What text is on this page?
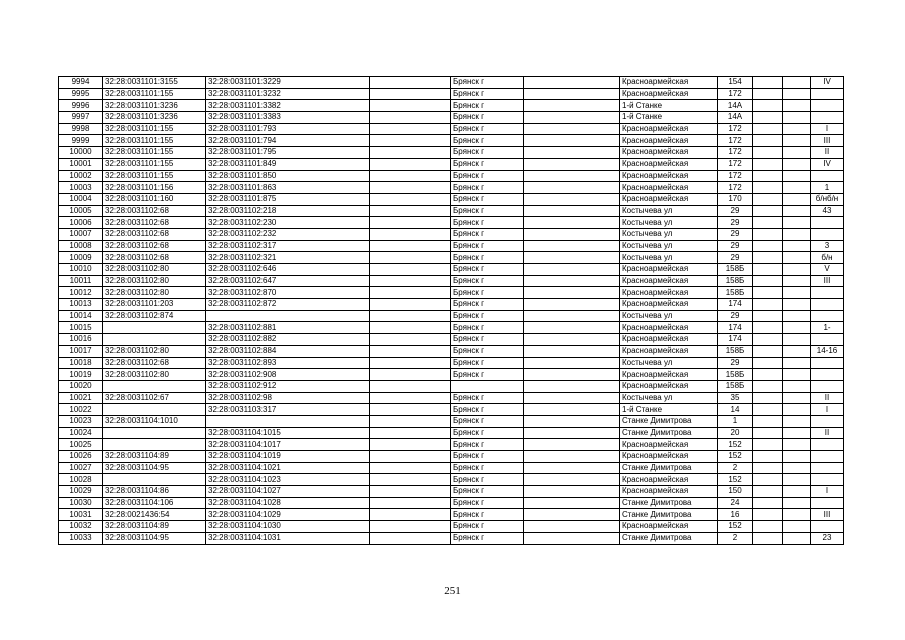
9994	32:28:0031101:3155	32:28:0031101:3229		Брянск г		Красноармейская	154			IV
9995	32:28:0031101:155	32:28:0031101:3232		Брянск г		Красноармейская	172			
9996	32:28:0031101:3236	32:28:0031101:3382		Брянск г		1-й Станке	14А			
9997	32:28:0031101:3236	32:28:0031101:3383		Брянск г		1-й Станке	14А			
9998	32:28:0031101:155	32:28:0031101:793		Брянск г		Красноармейская	172			I
9999	32:28:0031101:155	32:28:0031101:794		Брянск г		Красноармейская	172			III
10000	32:28:0031101:155	32:28:0031101:795		Брянск г		Красноармейская	172			II
10001	32:28:0031101:155	32:28:0031101:849		Брянск г		Красноармейская	172			IV
10002	32:28:0031101:155	32:28:0031101:850		Брянск г		Красноармейская	172			
10003	32:28:0031101:156	32:28:0031101:863		Брянск г		Красноармейская	172			1
10004	32:28:0031101:160	32:28:0031101:875		Брянск г		Красноармейская	170			б/нб/н
10005	32:28:0031102:68	32:28:0031102:218		Брянск г		Костычева ул	29			43
10006	32:28:0031102:68	32:28:0031102:230		Брянск г		Костычева ул	29			
10007	32:28:0031102:68	32:28:0031102:232		Брянск г		Костычева ул	29			
10008	32:28:0031102:68	32:28:0031102:317		Брянск г		Костычева ул	29			3
10009	32:28:0031102:68	32:28:0031102:321		Брянск г		Костычева ул	29			б/н
10010	32:28:0031102:80	32:28:0031102:646		Брянск г		Красноармейская	158Б			V
10011	32:28:0031102:80	32:28:0031102:647		Брянск г		Красноармейская	158Б			III
10012	32:28:0031102:80	32:28:0031102:870		Брянск г		Красноармейская	158Б			
10013	32:28:0031101:203	32:28:0031102:872		Брянск г		Красноармейская	174			
10014	32:28:0031102:874			Брянск г		Костычева ул	29			
10015		32:28:0031102:881		Брянск г		Красноармейская	174			1-
10016		32:28:0031102:882		Брянск г		Красноармейская	174			
10017	32:28:0031102:80	32:28:0031102:884		Брянск г		Красноармейская	158Б			14-16
10018	32:28:0031102:68	32:28:0031102:893		Брянск г		Костычева ул	29			
10019	32:28:0031102:80	32:28:0031102:908		Брянск г		Красноармейская	158Б			
10020		32:28:0031102:912				Красноармейская	158Б			
10021	32:28:0031102:67	32:28:0031102:98		Брянск г		Костычева ул	35			II
10022		32:28:0031103:317		Брянск г		1-й Станке	14			I
10023	32:28:0031104:1010			Брянск г		Станке Димитрова	1			
10024		32:28:0031104:1015		Брянск г		Станке Димитрова	20			II
10025		32:28:0031104:1017		Брянск г		Красноармейская	152			
10026	32:28:0031104:89	32:28:0031104:1019		Брянск г		Красноармейская	152			
10027	32:28:0031104:95	32:28:0031104:1021		Брянск г		Станке Димитрова	2			
10028		32:28:0031104:1023		Брянск г		Красноармейская	152			
10029	32:28:0031104:86	32:28:0031104:1027		Брянск г		Красноармейская	150			I
10030	32:28:0031104:106	32:28:0031104:1028		Брянск г		Станке Димитрова	24			
10031	32:28:0021436:54	32:28:0031104:1029		Брянск г		Станке Димитрова	16			III
10032	32:28:0031104:89	32:28:0031104:1030		Брянск г		Красноармейская	152			
10033	32:28:0031104:95	32:28:0031104:1031		Брянск г		Станке Димитрова	2			23
251
